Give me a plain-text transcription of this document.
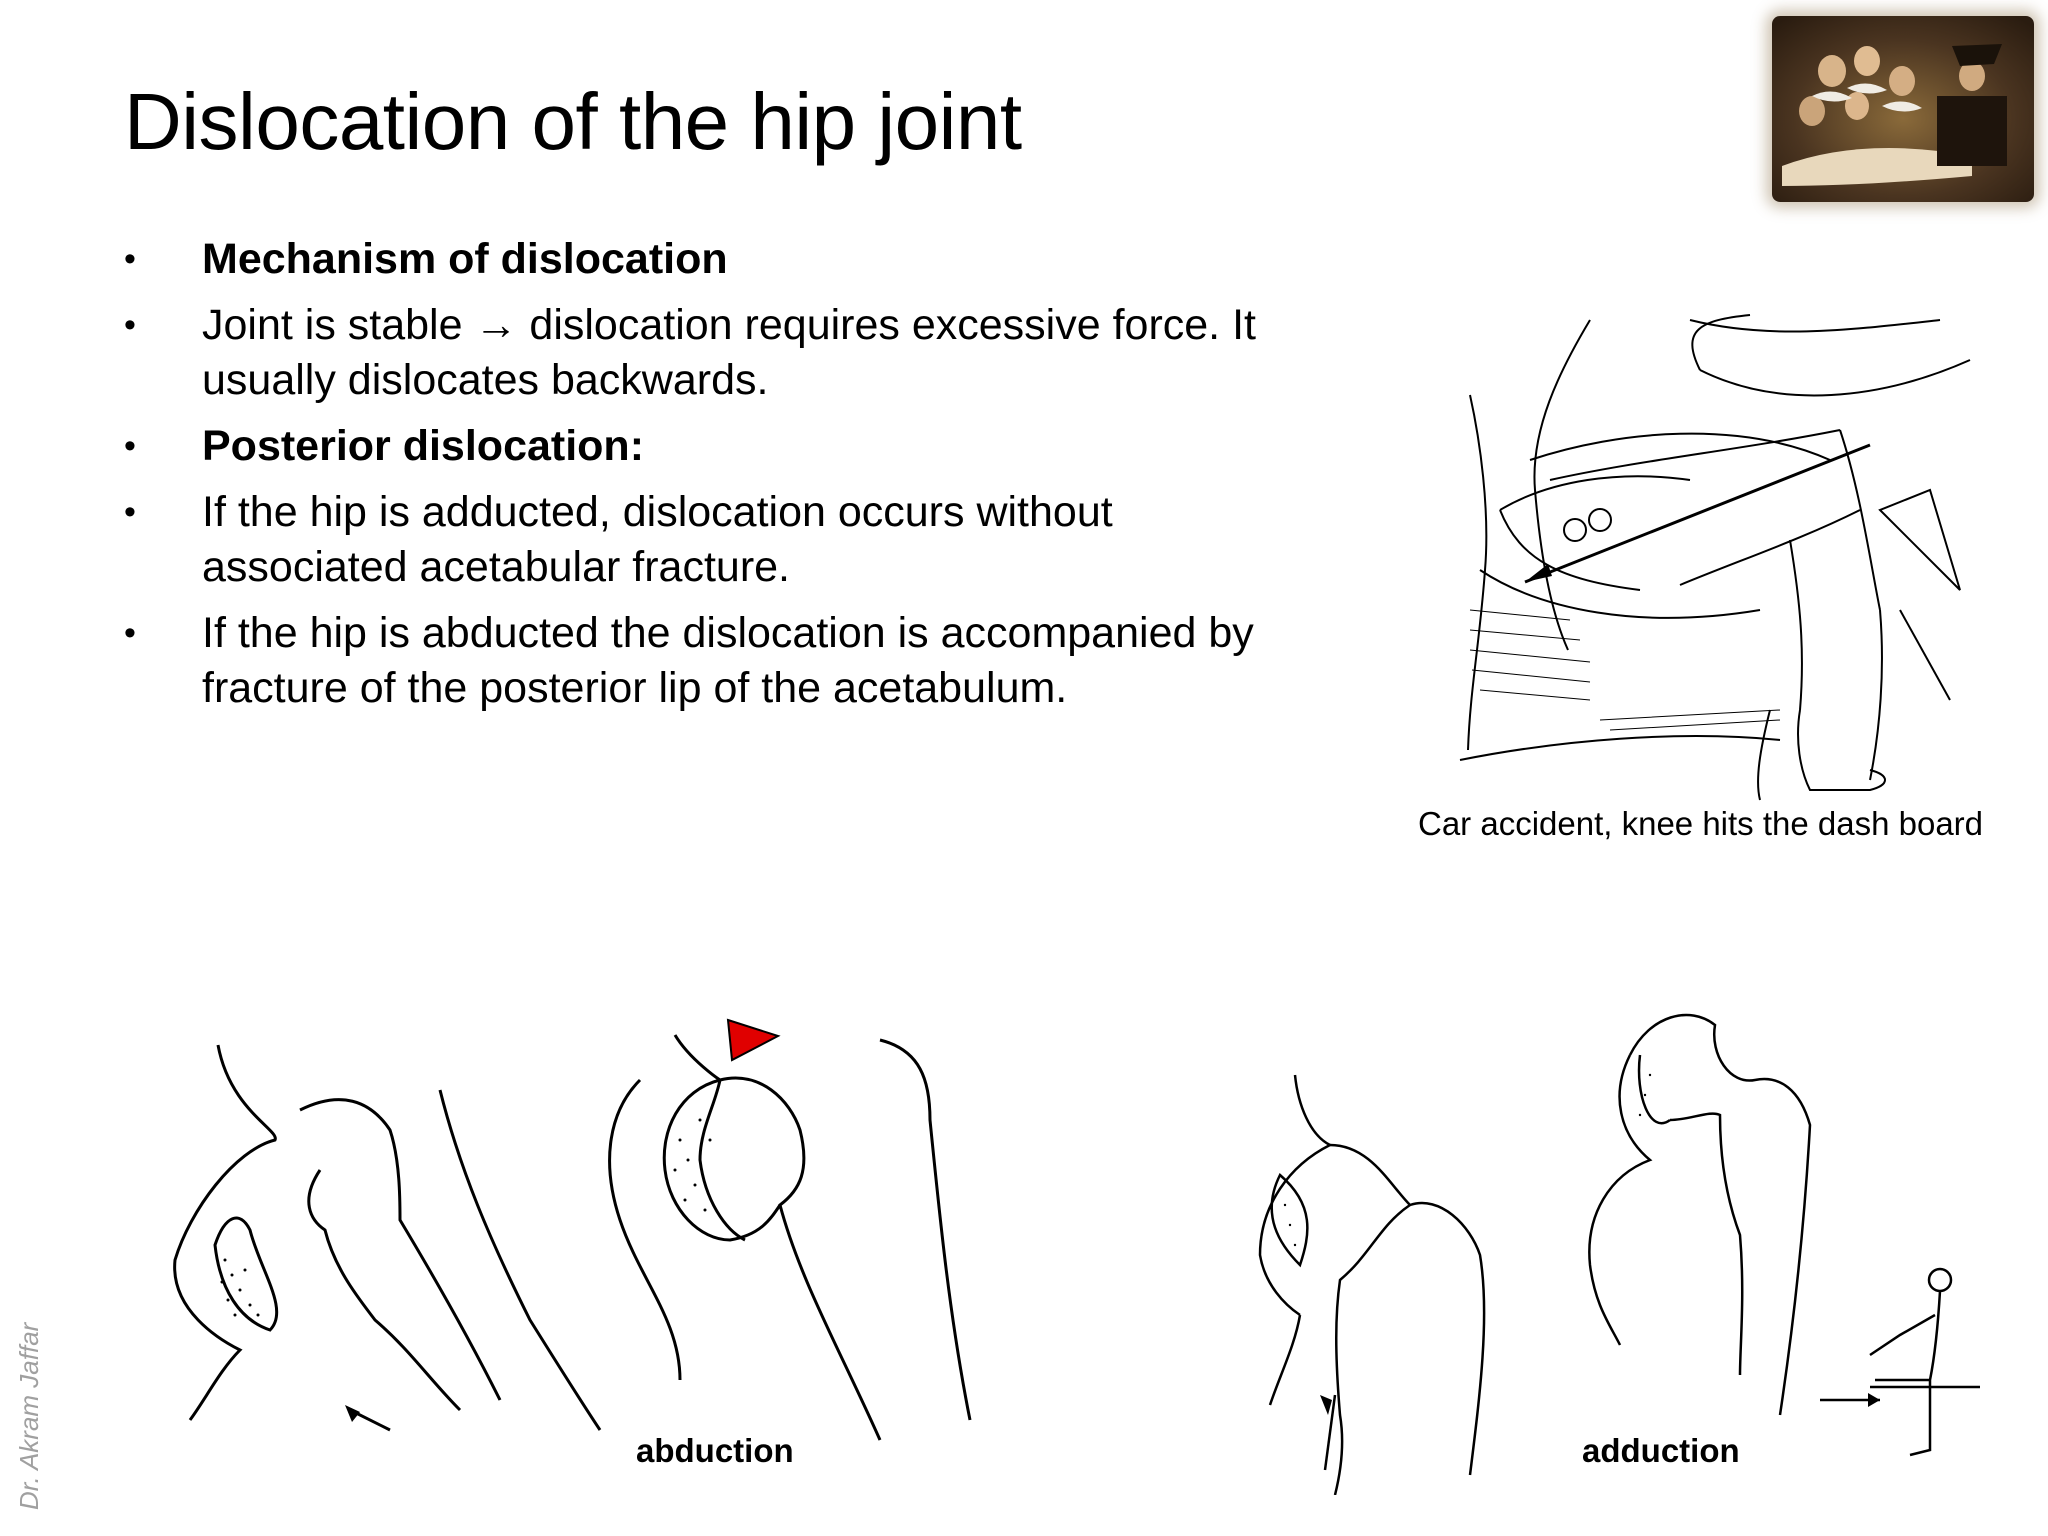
Dislocation of the hip joint
• Mechanism of dislocation
• Joint is stable → dislocation requires excessive force. It usually dislocates backwards.
• Posterior dislocation:
• If the hip is adducted, dislocation occurs without associated acetabular fracture.
• If the hip is abducted the dislocation is accompanied by fracture of the posterior lip of the acetabulum.
Car accident, knee hits the dash board
abduction	adduction
Dr. Akram Jaffar
